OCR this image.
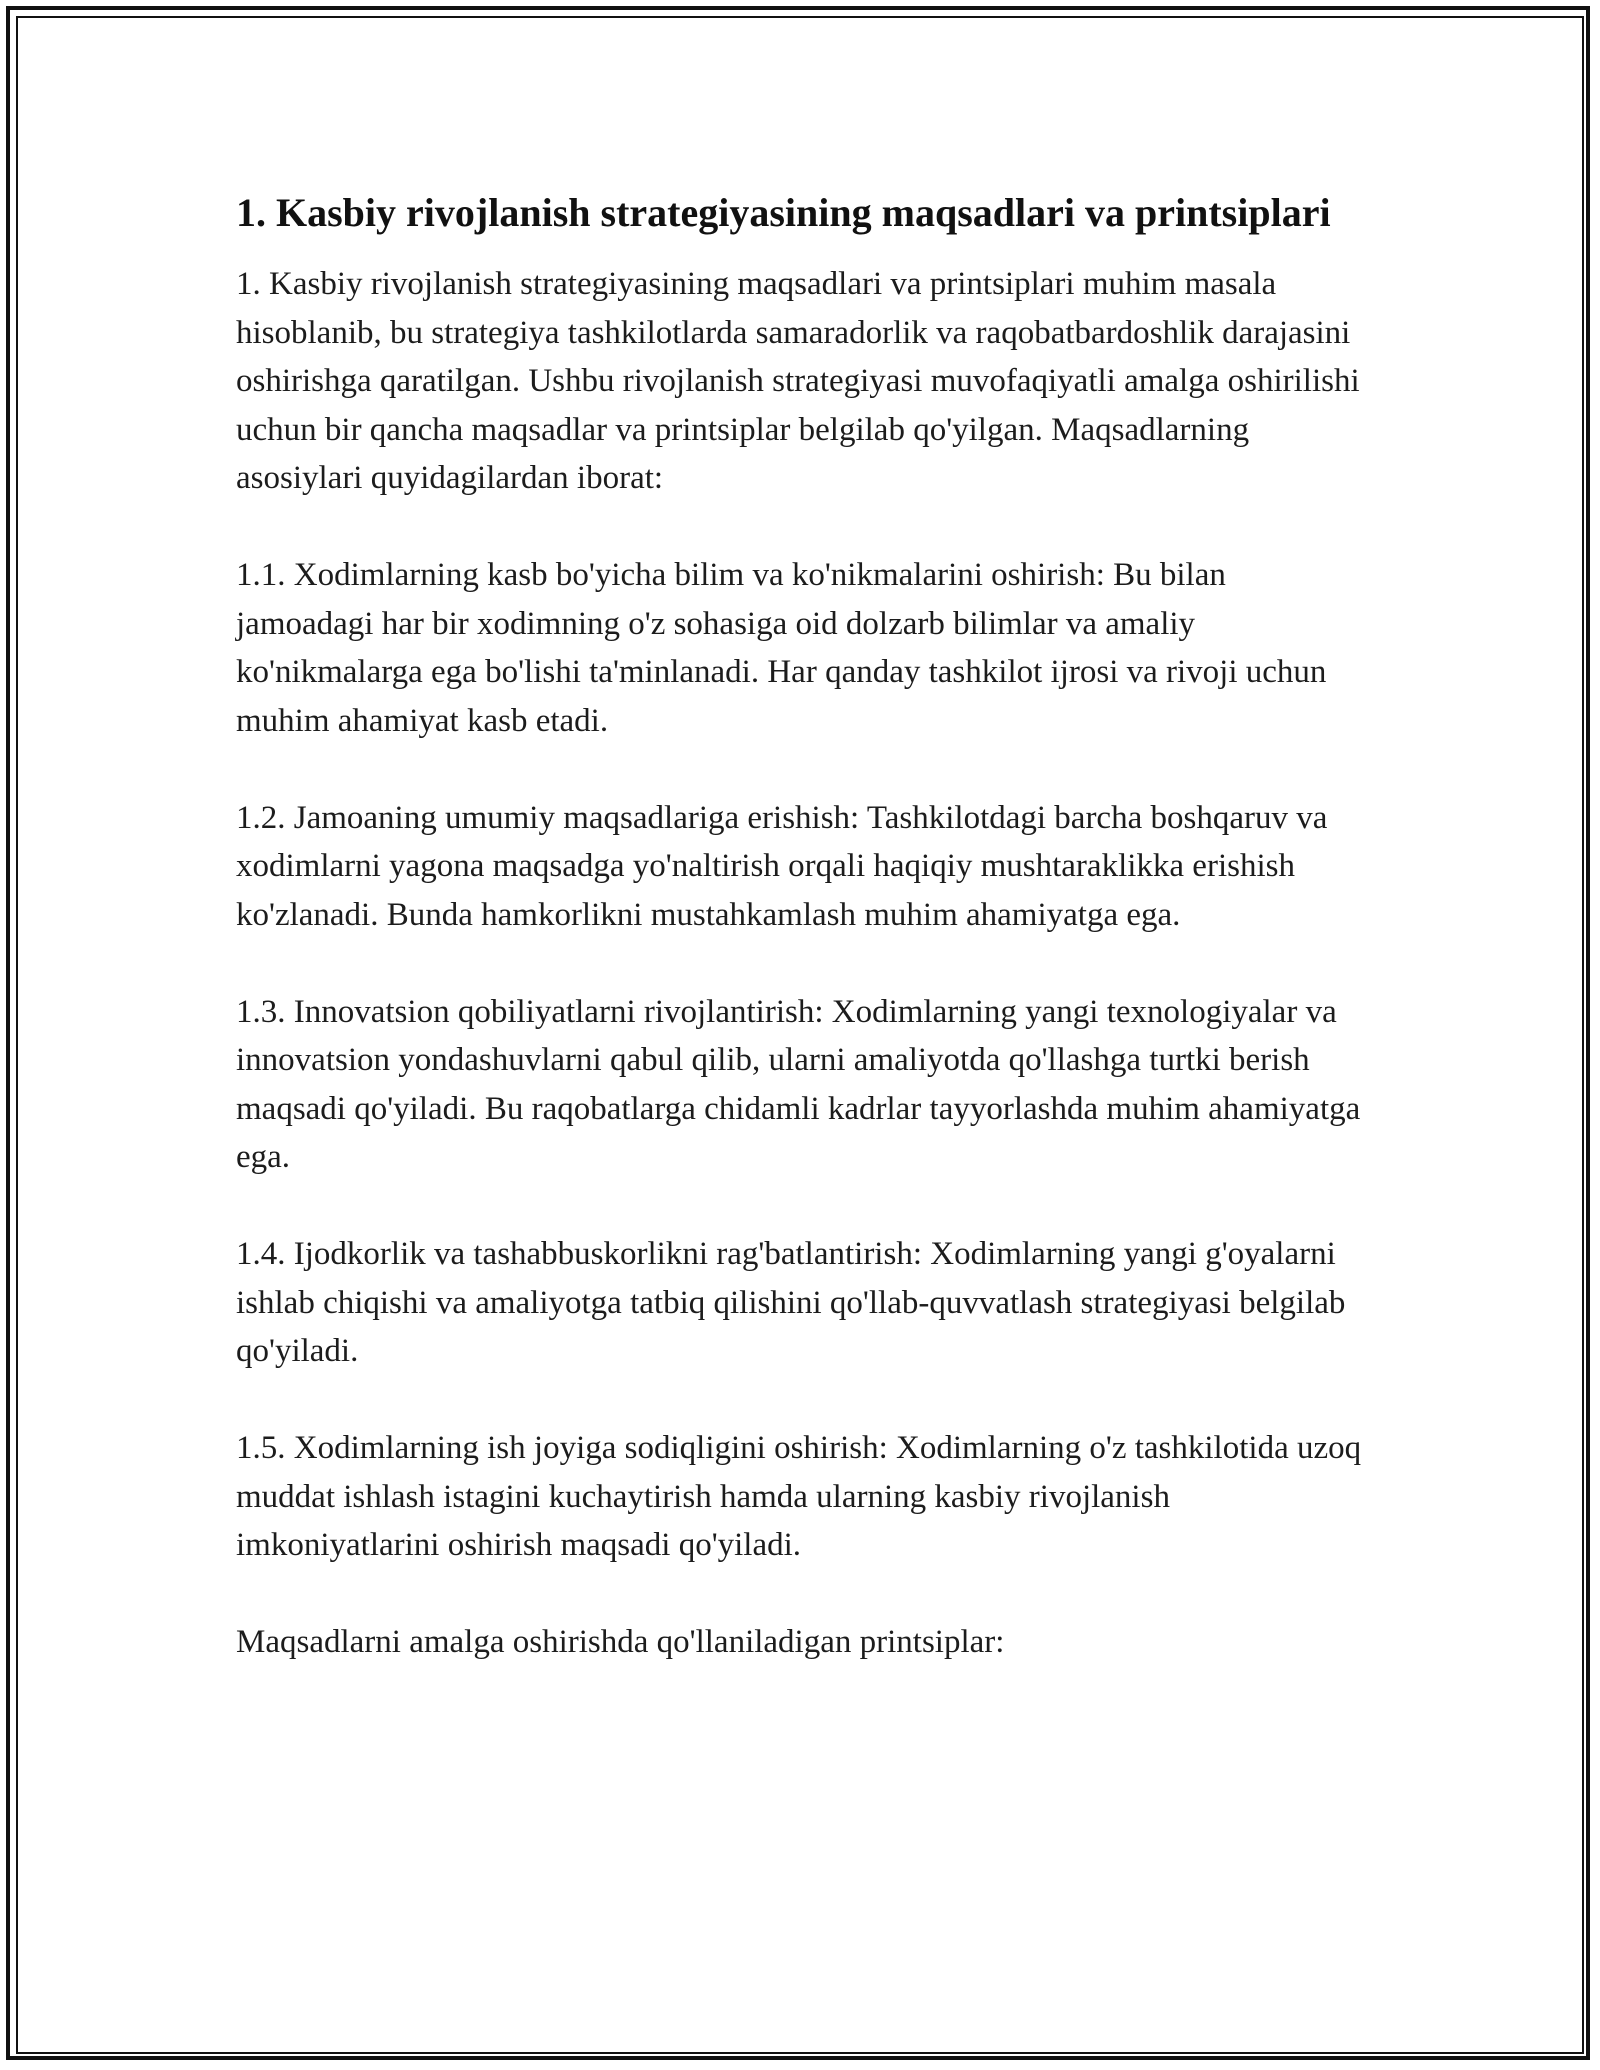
1. Kasbiy rivojlanish strategiyasining maqsadlari va printsiplari

1. Kasbiy rivojlanish strategiyasining maqsadlari va printsiplari muhim masala hisoblanib, bu strategiya tashkilotlarda samaradorlik va raqobatbardoshlik darajasini oshirishga qaratilgan. Ushbu rivojlanish strategiyasi muvofaqiyatli amalga oshirilishi uchun bir qancha maqsadlar va printsiplar belgilab qo'yilgan. Maqsadlarning asosiylari quyidagilardan iborat:

1.1. Xodimlarning kasb bo'yicha bilim va ko'nikmalarini oshirish: Bu bilan jamoadagi har bir xodimning o'z sohasiga oid dolzarb bilimlar va amaliy ko'nikmalarga ega bo'lishi ta'minlanadi. Har qanday tashkilot ijrosi va rivoji uchun muhim ahamiyat kasb etadi.

1.2. Jamoaning umumiy maqsadlariga erishish: Tashkilotdagi barcha boshqaruv va xodimlarni yagona maqsadga yo'naltirish orqali haqiqiy mushtaraklikka erishish ko'zlanadi. Bunda hamkorlikni mustahkamlash muhim ahamiyatga ega.

1.3. Innovatsion qobiliyatlarni rivojlantirish: Xodimlarning yangi texnologiyalar va innovatsion yondashuvlarni qabul qilib, ularni amaliyotda qo'llashga turtki berish maqsadi qo'yiladi. Bu raqobatlarga chidamli kadrlar tayyorlashda muhim ahamiyatga ega.

1.4. Ijodkorlik va tashabbuskorlikni rag'batlantirish: Xodimlarning yangi g'oyalarni ishlab chiqishi va amaliyotga tatbiq qilishini qo'llab-quvvatlash strategiyasi belgilab qo'yiladi.

1.5. Xodimlarning ish joyiga sodiqligini oshirish: Xodimlarning o'z tashkilotida uzoq muddat ishlash istagini kuchaytirish hamda ularning kasbiy rivojlanish imkoniyatlarini oshirish maqsadi qo'yiladi.

Maqsadlarni amalga oshirishda qo'llaniladigan printsiplar:
